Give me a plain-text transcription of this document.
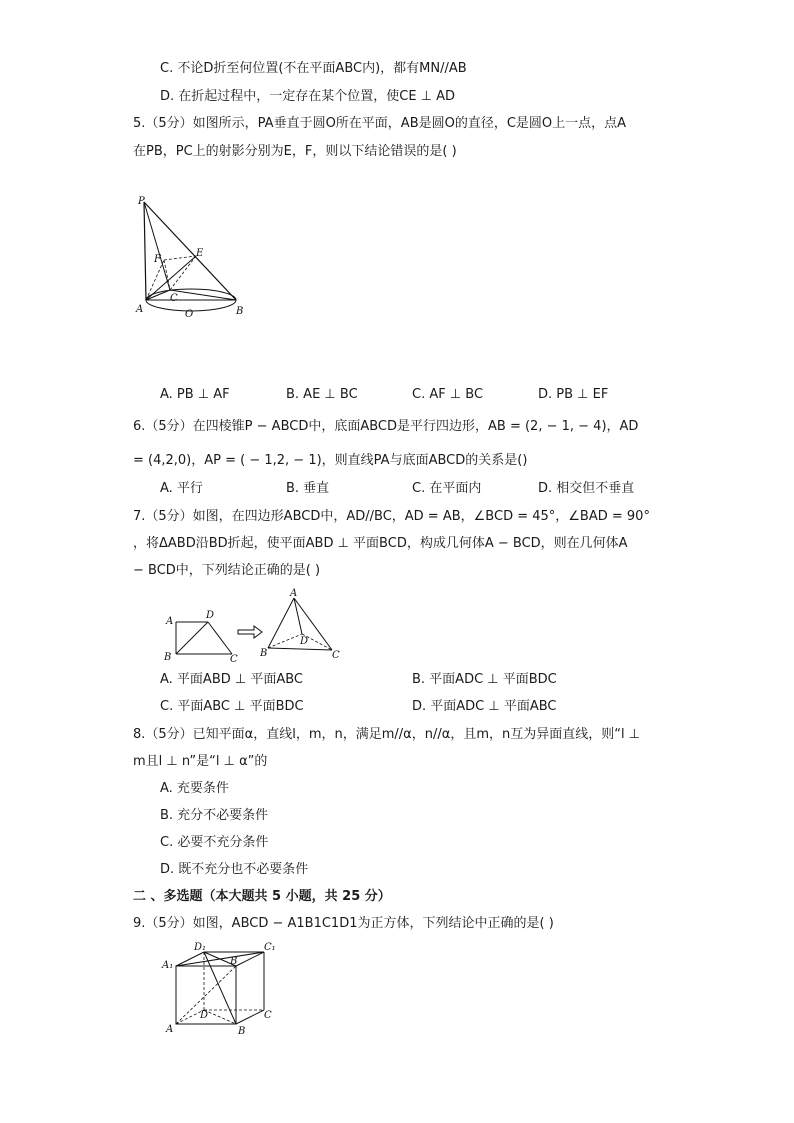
C. 不论D折至何位置(不在平面ABC内)，都有MN//AB
D. 在折起过程中，一定存在某个位置，使CE ⊥ AD
5.（5分）如图所示，PA垂直于圆O所在平面，AB是圆O的直径，C是圆O上一点，点A
在PB，PC上的射影分别为E，F，则以下结论错误的是( )
P
E
F
C
A	O	B
A. PB ⊥ AF	B. AE ⊥ BC	C. AF ⊥ BC	D. PB ⊥ EF
6.（5分）在四棱锥P − ABCD中，底面ABCD是平行四边形，AB = (2, − 1, − 4)，AD
= (4,2,0)，AP = ( − 1,2, − 1)，则直线PA与底面ABCD的关系是()
A. 平行	B. 垂直	C. 在平面内	D. 相交但不垂直
7.（5分）如图，在四边形ABCD中，AD//BC，AD = AB，∠BCD = 45°，∠BAD = 90°
，将ΔABD沿BD折起，使平面ABD ⊥ 平面BCD，构成几何体A − BCD，则在几何体A
− BCD中，下列结论正确的是( )
A
D
B	C
A
D
B	C
A. 平面ABD ⊥ 平面ABC	B. 平面ADC ⊥ 平面BDC
C. 平面ABC ⊥ 平面BDC	D. 平面ADC ⊥ 平面ABC
8.（5分）已知平面α，直线l，m，n，满足m//α，n//α，且m，n互为异面直线，则“l ⊥
m且l ⊥ n”是“l ⊥ α”的
A. 充要条件
B. 充分不必要条件
C. 必要不充分条件
D. 既不充分也不必要条件
二 、多选题（本大题共 5 小题，共 25 分）
9.（5分）如图，ABCD − A1B1C1D1为正方体，下列结论中正确的是( )
D₁	C₁
A₁	B
D	C
A	B
